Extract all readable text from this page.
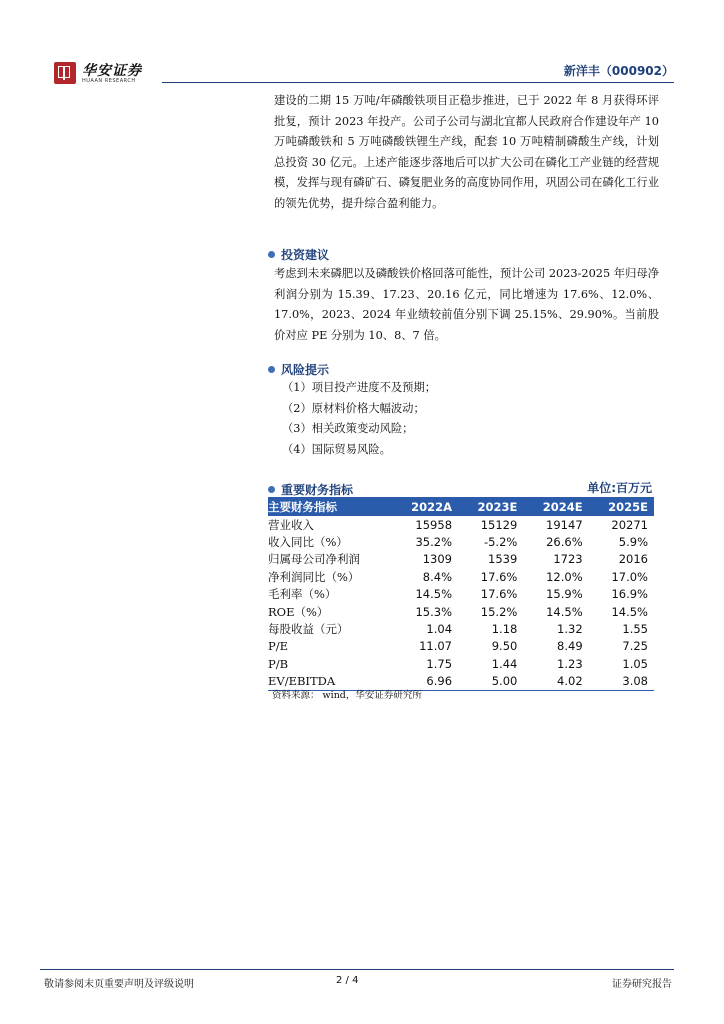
华安证券
HUAAN RESEARCH
新洋丰（000902）
建设的二期 15 万吨/年磷酸铁项目正稳步推进，已于 2022 年 8 月获得环评批复，预计 2023 年投产。公司子公司与湖北宜都人民政府合作建设年产 10 万吨磷酸铁和 5 万吨磷酸铁锂生产线，配套 10 万吨精制磷酸生产线，计划总投资 30 亿元。上述产能逐步落地后可以扩大公司在磷化工产业链的经营规模，发挥与现有磷矿石、磷复肥业务的高度协同作用，巩固公司在磷化工行业的领先优势，提升综合盈利能力。
投资建议
考虑到未来磷肥以及磷酸铁价格回落可能性，预计公司 2023-2025 年归母净利润分别为 15.39、17.23、20.16 亿元，同比增速为 17.6%、12.0%、17.0%，2023、2024 年业绩较前值分别下调 25.15%、29.90%。当前股价对应 PE 分别为 10、8、7 倍。
风险提示
（1）项目投产进度不及预期；
（2）原材料价格大幅波动；
（3）相关政策变动风险；
（4）国际贸易风险。
重要财务指标	单位:百万元
主要财务指标	2022A	2023E	2024E	2025E
营业收入	15958	15129	19147	20271
收入同比（%）	35.2%	-5.2%	26.6%	5.9%
归属母公司净利润	1309	1539	1723	2016
净利润同比（%）	8.4%	17.6%	12.0%	17.0%
毛利率（%）	14.5%	17.6%	15.9%	16.9%
ROE（%）	15.3%	15.2%	14.5%	14.5%
每股收益（元）	1.04	1.18	1.32	1.55
P/E	11.07	9.50	8.49	7.25
P/B	1.75	1.44	1.23	1.05
EV/EBITDA	6.96	5.00	4.02	3.08
资料来源： wind，华安证券研究所
敬请参阅末页重要声明及评级说明	2 / 4	证券研究报告
